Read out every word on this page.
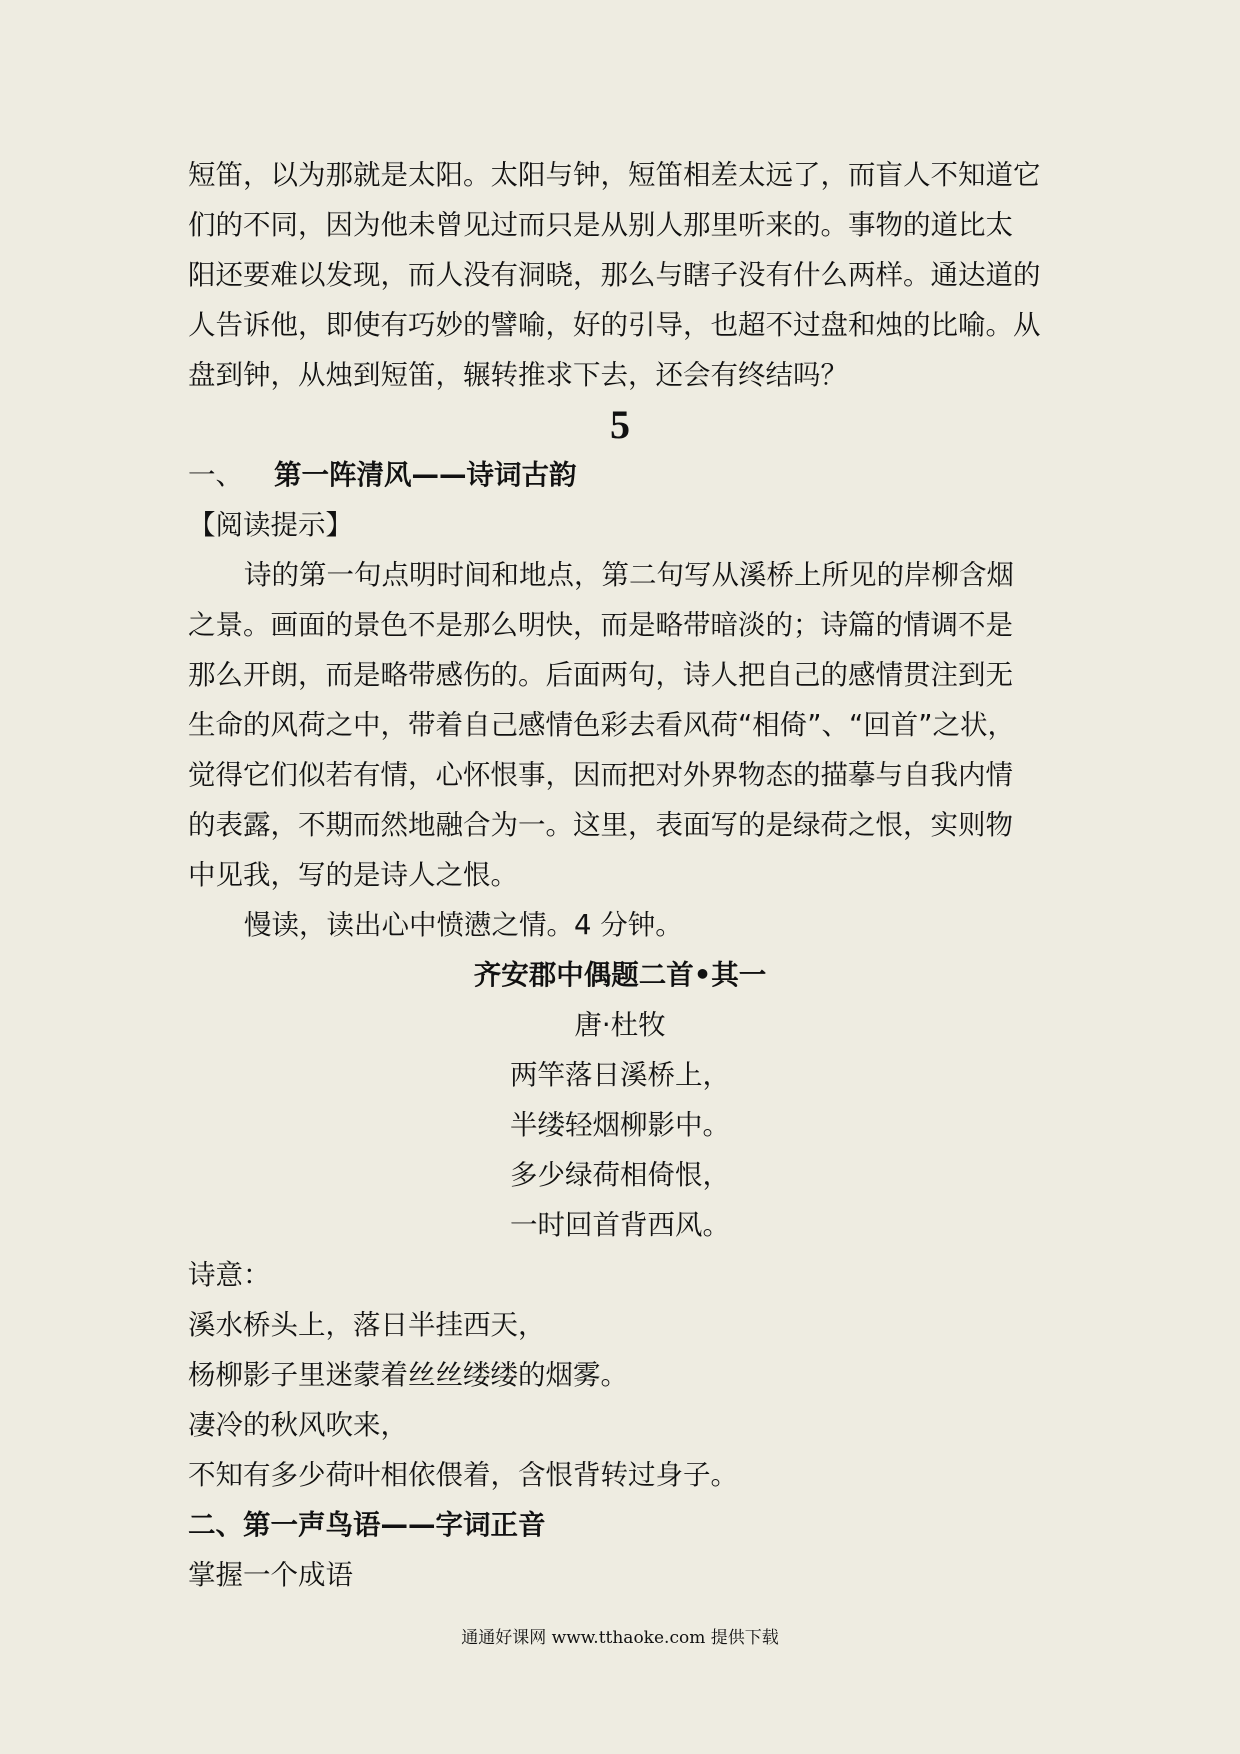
短笛，以为那就是太阳。太阳与钟，短笛相差太远了，而盲人不知道它

们的不同，因为他未曾见过而只是从别人那里听来的。事物的道比太

阳还要难以发现，而人没有洞晓，那么与瞎子没有什么两样。通达道的

人告诉他，即使有巧妙的譬喻，好的引导，也超不过盘和烛的比喻。从

盘到钟，从烛到短笛，辗转推求下去，还会有终结吗？

5

一、 第一阵清风——诗词古韵

【阅读提示】

诗的第一句点明时间和地点，第二句写从溪桥上所见的岸柳含烟

之景。画面的景色不是那么明快，而是略带暗淡的；诗篇的情调不是

那么开朗，而是略带感伤的。后面两句，诗人把自己的感情贯注到无

生命的风荷之中，带着自己感情色彩去看风荷“相倚”、“回首”之状，

觉得它们似若有情，心怀恨事，因而把对外界物态的描摹与自我内情

的表露，不期而然地融合为一。这里，表面写的是绿荷之恨，实则物

中见我，写的是诗人之恨。

慢读，读出心中愤懑之情。4 分钟。

齐安郡中偶题二首•其一

唐·杜牧

两竿落日溪桥上，

半缕轻烟柳影中。

多少绿荷相倚恨，

一时回首背西风。

诗意：

溪水桥头上，落日半挂西天，

杨柳影子里迷蒙着丝丝缕缕的烟雾。

凄冷的秋风吹来，

不知有多少荷叶相依偎着，含恨背转过身子。

二、第一声鸟语——字词正音

掌握一个成语

通通好课网 www.tthaoke.com 提供下载
